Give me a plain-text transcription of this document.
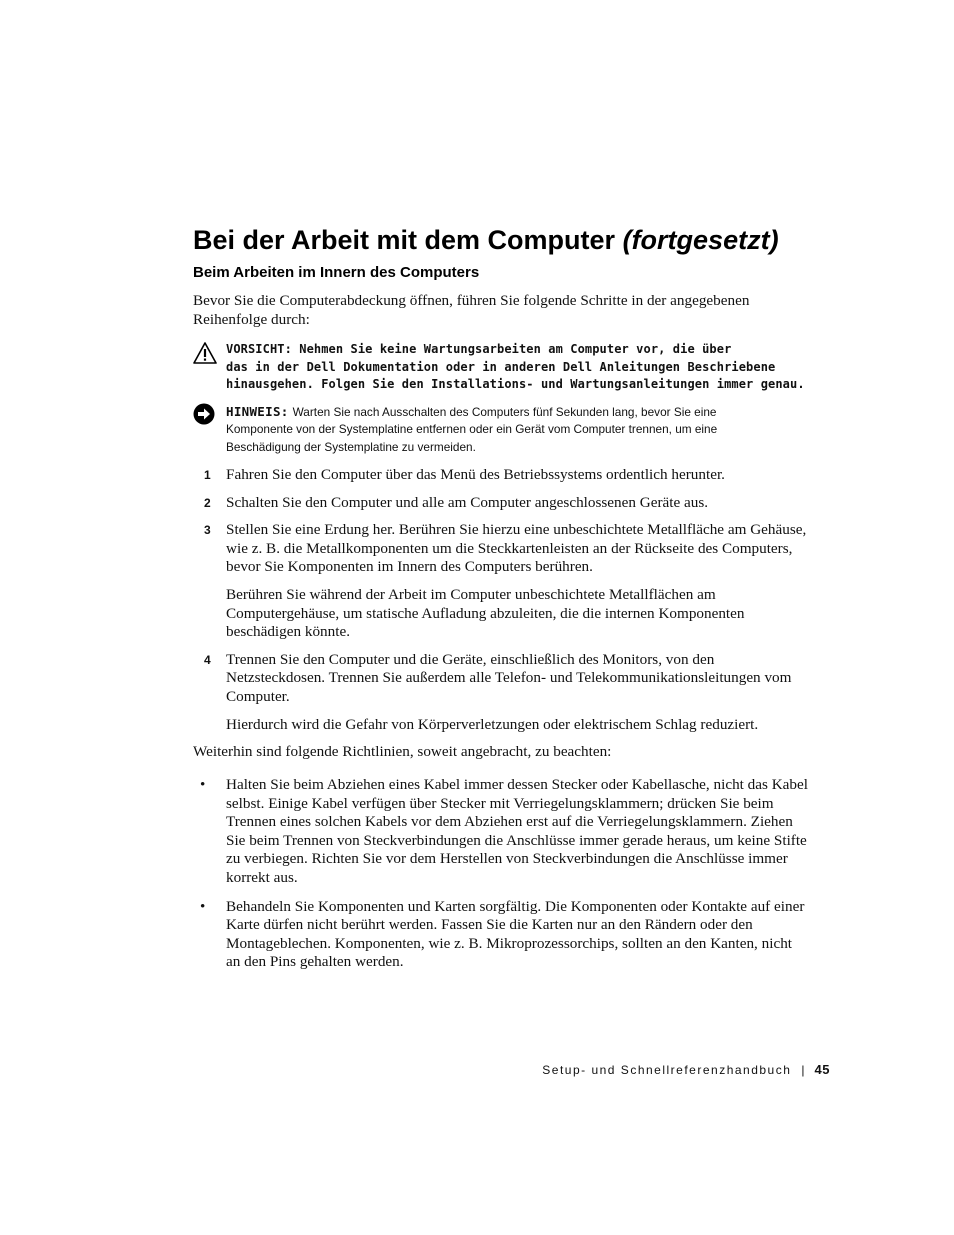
Bei der Arbeit mit dem Computer (fortgesetzt)
Beim Arbeiten im Innern des Computers

Bevor Sie die Computerabdeckung öffnen, führen Sie folgende Schritte in der angegebenen Reihenfolge durch:

VORSICHT: Nehmen Sie keine Wartungsarbeiten am Computer vor, die über
das in der Dell Dokumentation oder in anderen Dell Anleitungen Beschriebene
hinausgehen. Folgen Sie den Installations- und Wartungsanleitungen immer genau.
HINWEIS: Warten Sie nach Ausschalten des Computers fünf Sekunden lang, bevor Sie eine
Komponente von der Systemplatine entfernen oder ein Gerät vom Computer trennen, um eine
Beschädigung der Systemplatine zu vermeiden.
1 Fahren Sie den Computer über das Menü des Betriebssystems ordentlich herunter.

2 Schalten Sie den Computer und alle am Computer angeschlossenen Geräte aus.

3 Stellen Sie eine Erdung her. Berühren Sie hierzu eine unbeschichtete Metallfläche am Gehäuse, wie z. B. die Metallkomponenten um die Steckkartenleisten an der Rückseite des Computers, bevor Sie Komponenten im Innern des Computers berühren.

Berühren Sie während der Arbeit im Computer unbeschichtete Metallflächen am Computergehäuse, um statische Aufladung abzuleiten, die die internen Komponenten beschädigen könnte.

4 Trennen Sie den Computer und die Geräte, einschließlich des Monitors, von den Netzsteckdosen. Trennen Sie außerdem alle Telefon- und Telekommunikationsleitungen vom Computer.

Hierdurch wird die Gefahr von Körperverletzungen oder elektrischem Schlag reduziert.

Weiterhin sind folgende Richtlinien, soweit angebracht, zu beachten:

• Halten Sie beim Abziehen eines Kabel immer dessen Stecker oder Kabellasche, nicht das Kabel selbst. Einige Kabel verfügen über Stecker mit Verriegelungsklammern; drücken Sie beim Trennen eines solchen Kabels vor dem Abziehen erst auf die Verriegelungsklammern. Ziehen Sie beim Trennen von Steckverbindungen die Anschlüsse immer gerade heraus, um keine Stifte zu verbiegen. Richten Sie vor dem Herstellen von Steckverbindungen die Anschlüsse immer korrekt aus.
• Behandeln Sie Komponenten und Karten sorgfältig. Die Komponenten oder Kontakte auf einer Karte dürfen nicht berührt werden. Fassen Sie die Karten nur an den Rändern oder den Montageblechen. Komponenten, wie z. B. Mikroprozessorchips, sollten an den Kanten, nicht an den Pins gehalten werden.
Setup- und Schnellreferenzhandbuch | 45
